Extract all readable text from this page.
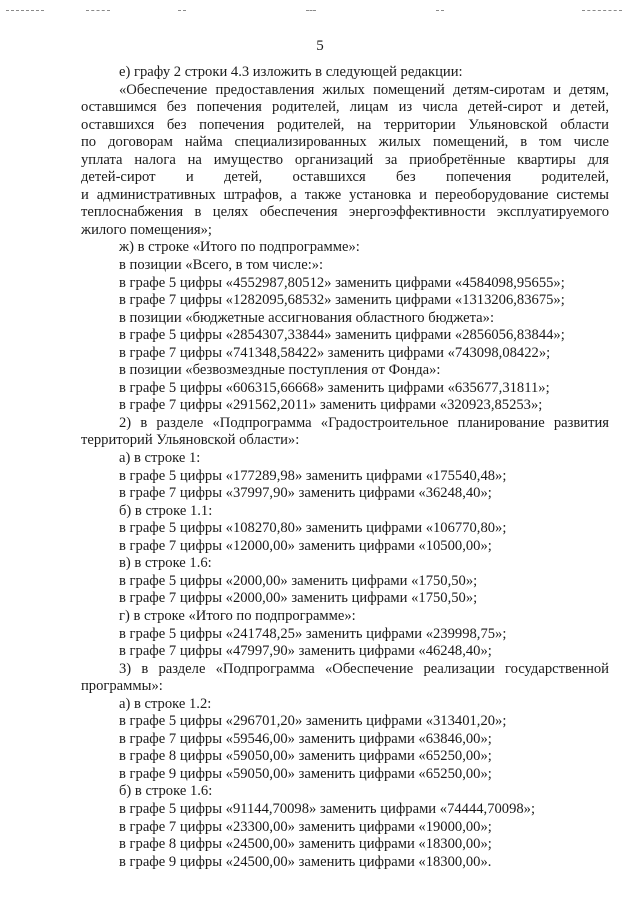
5
е) графу 2 строки 4.3 изложить в следующей редакции:
«Обеспечение предоставления жилых помещений детям-сиротам и детям,
оставшимся без попечения родителей, лицам из числа детей-сирот и детей,
оставшихся без попечения родителей, на территории Ульяновской области
по договорам найма специализированных жилых помещений, в том числе
уплата налога на имущество организаций за приобретённые квартиры для
детей-сирот и детей, оставшихся без попечения родителей,
и административных штрафов, а также установка и переоборудование системы
теплоснабжения в целях обеспечения энергоэффективности эксплуатируемого
жилого помещения»;
ж) в строке «Итого по подпрограмме»:
в позиции «Всего, в том числе:»:
в графе 5 цифры «4552987,80512» заменить цифрами «4584098,95655»;
в графе 7 цифры «1282095,68532» заменить цифрами «1313206,83675»;
в позиции «бюджетные ассигнования областного бюджета»:
в графе 5 цифры «2854307,33844» заменить цифрами «2856056,83844»;
в графе 7 цифры «741348,58422» заменить цифрами «743098,08422»;
в позиции «безвозмездные поступления от Фонда»:
в графе 5 цифры «606315,66668» заменить цифрами «635677,31811»;
в графе 7 цифры «291562,2011» заменить цифрами «320923,85253»;
2) в разделе «Подпрограмма «Градостроительное планирование развития
территорий Ульяновской области»:
а) в строке 1:
в графе 5 цифры «177289,98» заменить цифрами «175540,48»;
в графе 7 цифры «37997,90» заменить цифрами «36248,40»;
б) в строке 1.1:
в графе 5 цифры «108270,80» заменить цифрами «106770,80»;
в графе 7 цифры «12000,00» заменить цифрами «10500,00»;
в) в строке 1.6:
в графе 5 цифры «2000,00» заменить цифрами «1750,50»;
в графе 7 цифры «2000,00» заменить цифрами «1750,50»;
г) в строке «Итого по подпрограмме»:
в графе 5 цифры «241748,25» заменить цифрами «239998,75»;
в графе 7 цифры «47997,90» заменить цифрами «46248,40»;
3) в разделе «Подпрограмма «Обеспечение реализации государственной
программы»:
а) в строке 1.2:
в графе 5 цифры «296701,20» заменить цифрами «313401,20»;
в графе 7 цифры «59546,00» заменить цифрами «63846,00»;
в графе 8 цифры «59050,00» заменить цифрами «65250,00»;
в графе 9 цифры «59050,00» заменить цифрами «65250,00»;
б) в строке 1.6:
в графе 5 цифры «91144,70098» заменить цифрами «74444,70098»;
в графе 7 цифры «23300,00» заменить цифрами «19000,00»;
в графе 8 цифры «24500,00» заменить цифрами «18300,00»;
в графе 9 цифры «24500,00» заменить цифрами «18300,00».
